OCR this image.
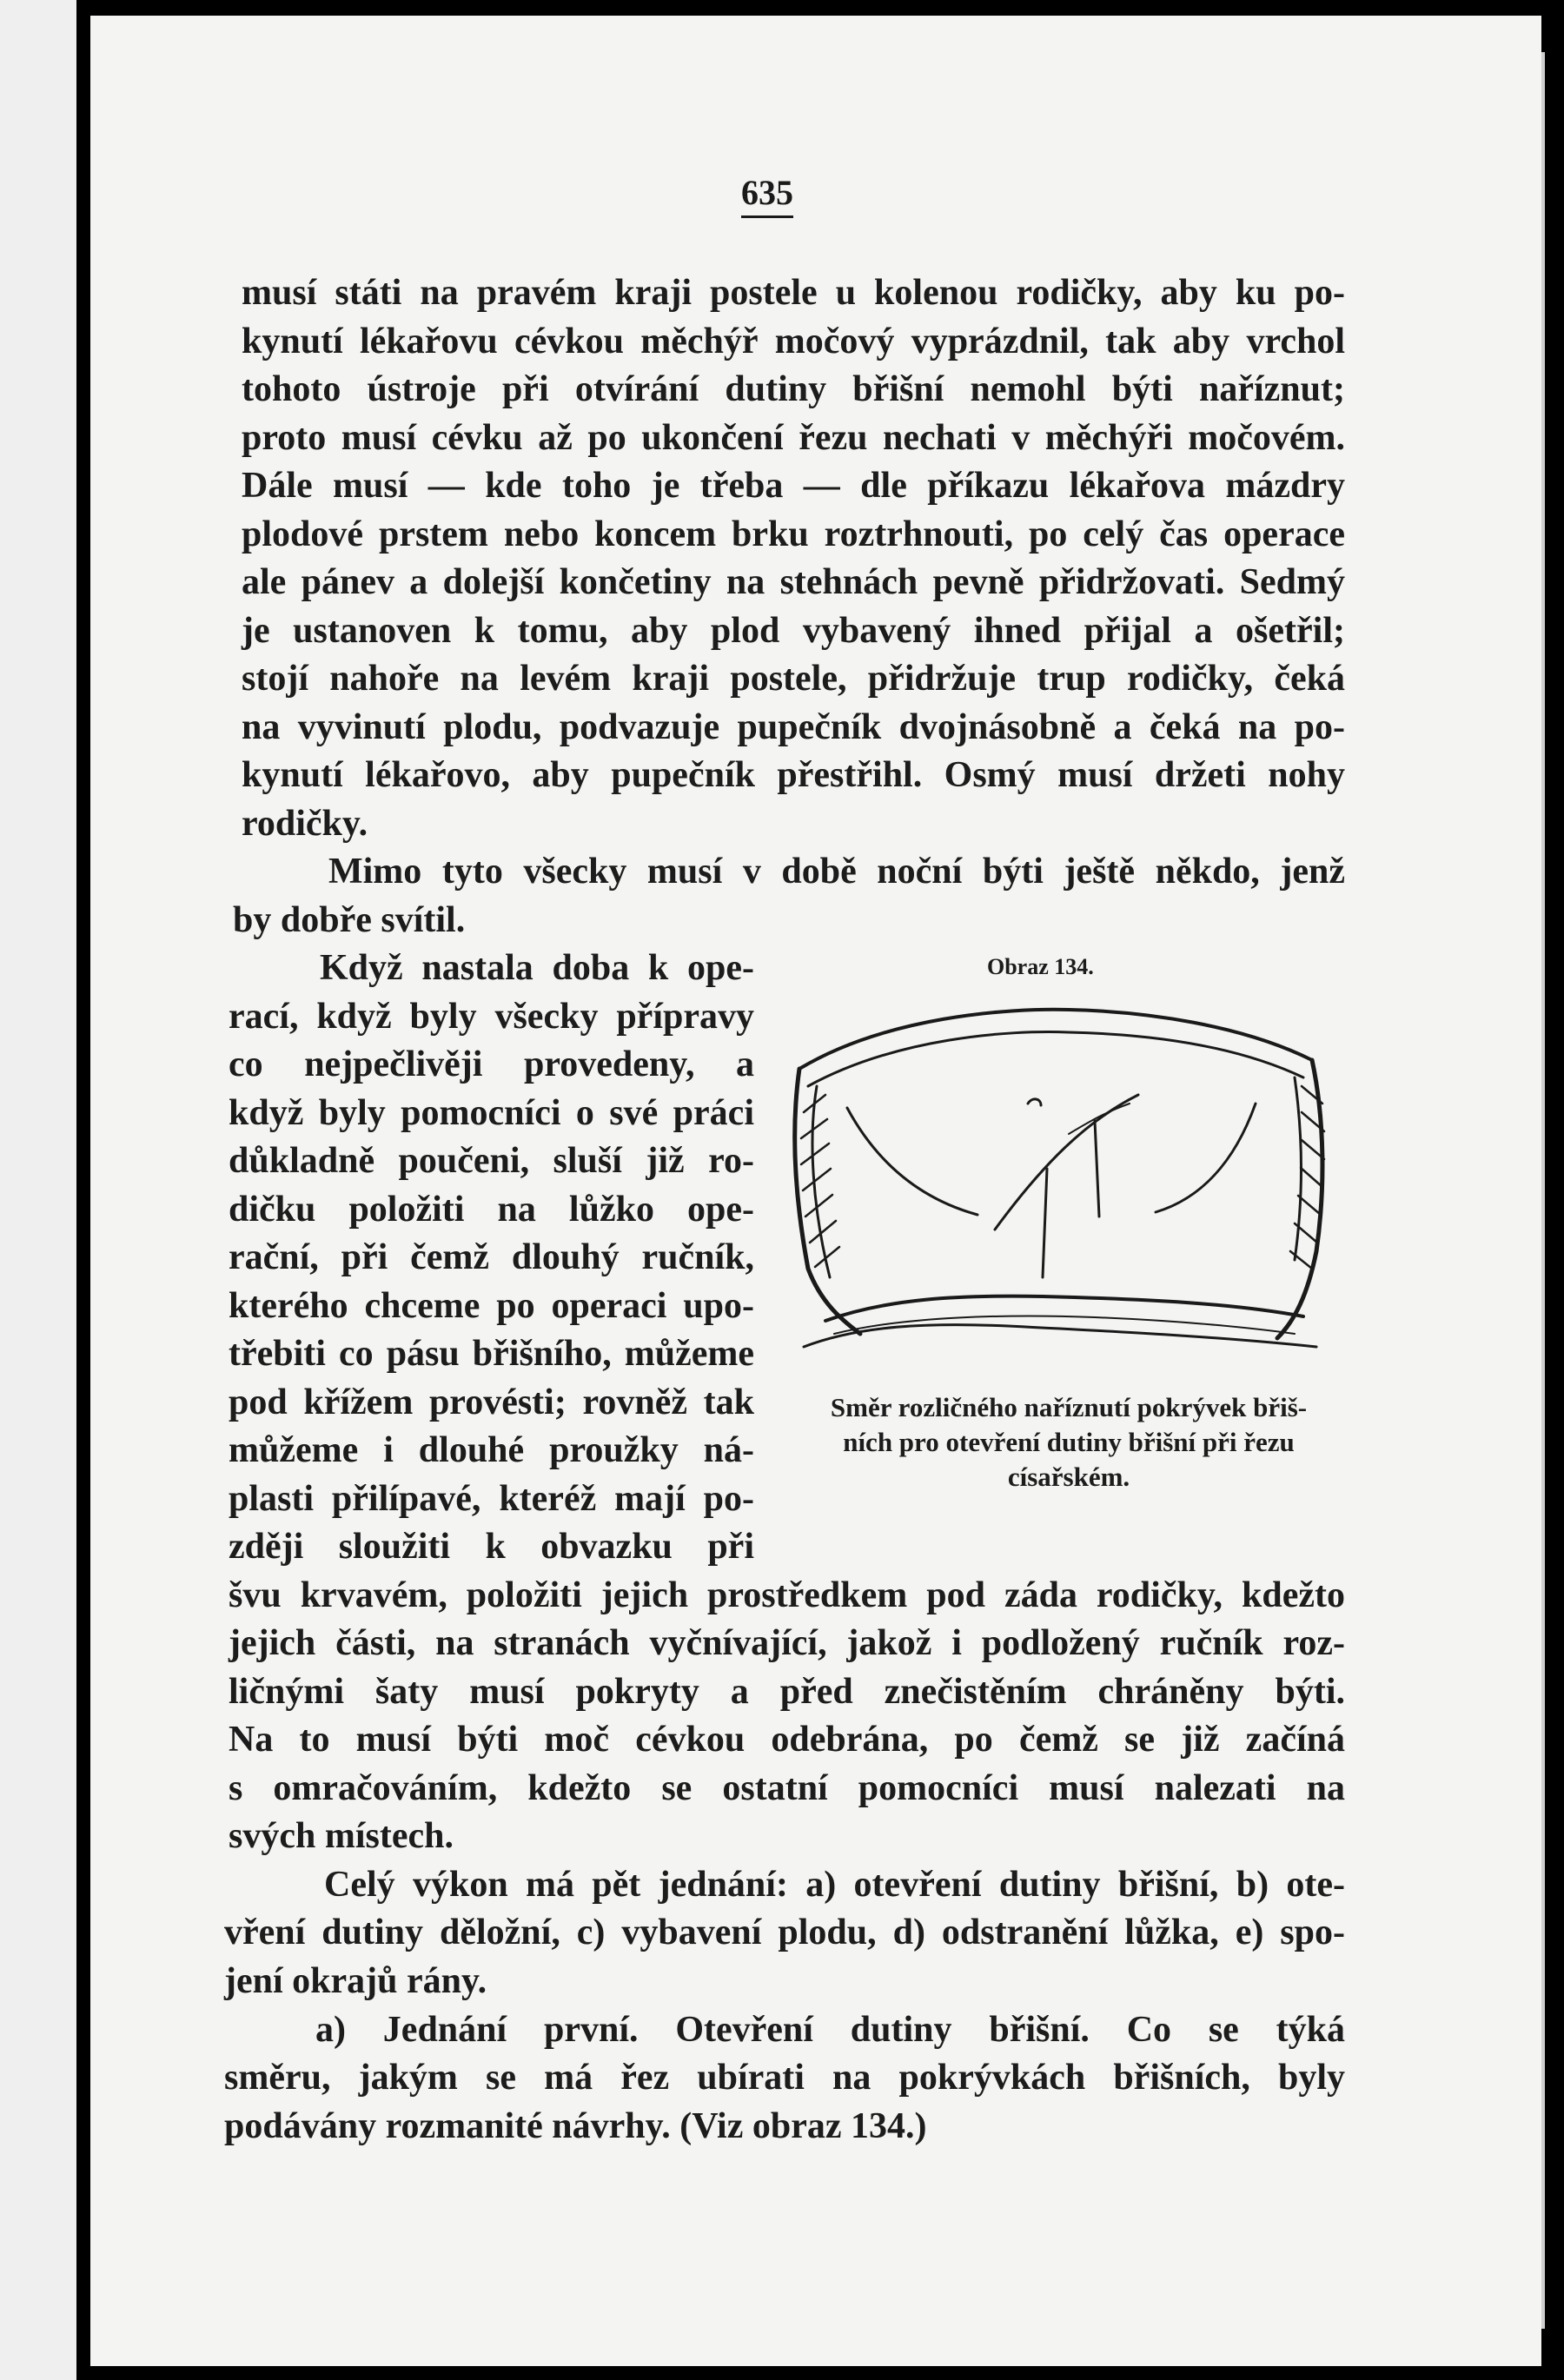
635
musí státi na pravém kraji postele u kolenou rodičky, aby ku po-
kynutí lékařovu cévkou měchýř močový vyprázdnil, tak aby vrchol
tohoto ústroje při otvírání dutiny břišní nemohl býti naříznut;
proto musí cévku až po ukončení řezu nechati v měchýři močovém.
Dále musí — kde toho je třeba — dle příkazu lékařova mázdry
plodové prstem nebo koncem brku roztrhnouti, po celý čas operace
ale pánev a dolejší končetiny na stehnách pevně přidržovati. Sedmý
je ustanoven k tomu, aby plod vybavený ihned přijal a ošetřil;
stojí nahoře na levém kraji postele, přidržuje trup rodičky, čeká
na vyvinutí plodu, podvazuje pupečník dvojnásobně a čeká na po-
kynutí lékařovo, aby pupečník přestřihl. Osmý musí držeti nohy
rodičky.
Mimo tyto všecky musí v době noční býti ještě někdo, jenž
by dobře svítil.
Když nastala doba k ope-
rací, když byly všecky přípravy
co nejpečlivěji provedeny, a
když byly pomocníci o své práci
důkladně poučeni, sluší již ro-
dičku položiti na lůžko ope-
rační, při čemž dlouhý ručník,
kterého chceme po operaci upo-
třebiti co pásu břišního, můžeme
pod křížem provésti; rovněž tak
můžeme i dlouhé proužky ná-
plasti přilípavé, kteréž mají po-
zději sloužiti k obvazku při
švu krvavém, položiti jejich prostředkem pod záda rodičky, kdežto
jejich části, na stranách vyčnívající, jakož i podložený ručník roz-
ličnými šaty musí pokryty a před znečistěním chráněny býti.
Na to musí býti moč cévkou odebrána, po čemž se již začíná
s omračováním, kdežto se ostatní pomocníci musí nalezati na
svých místech.
Celý výkon má pět jednání: a) otevření dutiny břišní, b) ote-
vření dutiny děložní, c) vybavení plodu, d) odstranění lůžka, e) spo-
jení okrajů rány.
a) Jednání první. Otevření dutiny břišní. Co se týká
směru, jakým se má řez ubírati na pokrývkách břišních, byly
podávány rozmanité návrhy. (Viz obraz 134.)
Obraz 134.
Směr rozličného naříznutí pokrývek břiš-
ních pro otevření dutiny břišní při řezu
císařském.
